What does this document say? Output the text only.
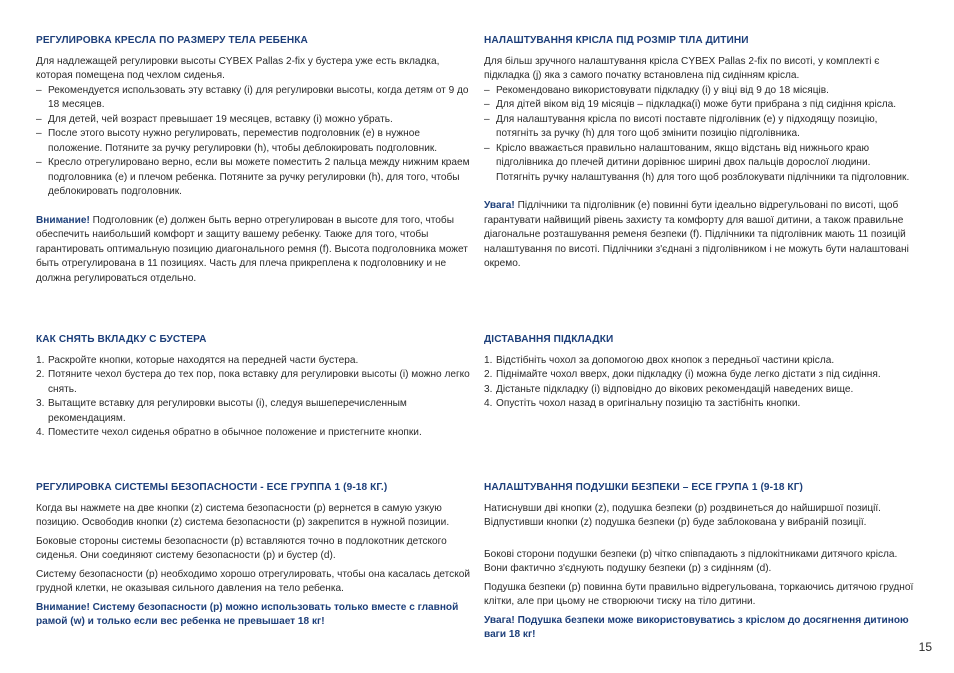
РЕГУЛИРОВКА КРЕСЛА ПО РАЗМЕРУ ТЕЛА РЕБЕНКА

Для надлежащей регулировки высоты CYBEX Pallas 2-fix у бустера уже есть вкладка, которая помещена под чехлом сиденья.

– Рекомендуется использовать эту вставку (i) для регулировки высоты, когда детям от 9 до 18 месяцев.
– Для детей, чей возраст превышает 19 месяцев, вставку (i) можно убрать.
– После этого высоту нужно регулировать, переместив подголовник (e) в нужное положение. Потяните за ручку регулировки (h), чтобы деблокировать подголовник.
– Кресло отрегулировано верно, если вы можете поместить 2 пальца между нижним краем подголовника (e) и плечом ребенка. Потяните за ручку регулировки (h), для того, чтобы деблокировать подголовник.

Внимание! Подголовник (e) должен быть верно отрегулирован в высоте для того, чтобы обеспечить наибольший комфорт и защиту вашему ребенку. Также для того, чтобы гарантировать оптимальную позицию диагонального ремня (f). Высота подголовника может быть отрегулирована в 11 позициях. Часть для плеча прикреплена к подголовнику и не должна регулироваться отдельно.

КАК СНЯТЬ ВКЛАДКУ С БУСТЕРА
1. Раскройте кнопки, которые находятся на передней части бустера.
2. Потяните чехол бустера до тех пор, пока вставку для регулировки высоты (i) можно легко снять.
3. Вытащите вставку для регулировки высоты (i), следуя вышеперечисленным рекомендациям.
4. Поместите чехол сиденья обратно в обычное положение и пристегните кнопки.
РЕГУЛИРОВКА СИСТЕМЫ БЕЗОПАСНОСТИ - ECE ГРУППА 1 (9-18 КГ.)

Когда вы нажмете на две кнопки (z) система безопасности (p) вернется в самую узкую позицию. Освободив кнопки (z) система безопасности (p) закрепится в нужной позиции.

Боковые стороны системы безопасности (p) вставляются точно в подлокотник детского сиденья. Они соединяют систему безопасности (p) и бустер (d).

Систему безопасности (p) необходимо хорошо отрегулировать, чтобы она касалась детской грудной клетки, не оказывая сильного давления на тело ребенка.

Внимание! Систему безопасности (p) можно использовать только вместе с главной рамой (w) и только если вес ребенка не превышает 18 кг!

НАЛАШТУВАННЯ КРІСЛА ПІД РОЗМІР ТІЛА ДИТИНИ

Для більш зручного налаштування крісла CYBEX Pallas 2-fix по висоті, у комплекті є підкладка (j) яка з самого початку встановлена під сидінням крісла.

– Рекомендовано використовувати підкладку (i) у віці від 9 до 18 місяців.
– Для дітей віком від 19 місяців – підкладка(i) може бути прибрана з під сидіння крісла.
– Для налаштування крісла по висоті поставте підголівник (e) у підходящу позицію, потягніть за ручку (h) для того щоб змінити позицію підголівника.
– Крісло вважається правильно налаштованим, якщо відстань від нижнього краю підголівника до плечей дитини дорівнює ширині двох пальців дорослої людини. Потягніть ручку налаштування (h) для того щоб розблокувати підлічники та підголовник.

Увага! Підлічники та підголівник (e) повинні бути ідеально відрегульовані по висоті, щоб гарантувати найвищий рівень захисту та комфорту для вашої дитини, а також правильне діагональне розташування ременя безпеки (f). Підлічники та підголівник мають 11 позицій налаштування по висоті. Підлічники з'єднані з підголівником і не можуть бути налаштовані окремо.

ДІСТАВАННЯ ПІДКЛАДКИ
1. Відстібніть чохол за допомогою двох кнопок з передньої частини крісла.
2. Піднімайте чохол вверх, доки підкладку (i) можна буде легко дістати з під сидіння.
3. Дістаньте підкладку (i) відповідно до вікових рекомендацій наведених вище.
4. Опустіть чохол назад в оригінальну позицію та застібніть кнопки.
НАЛАШТУВАННЯ ПОДУШКИ БЕЗПЕКИ – ECE ГРУПА 1 (9-18 КГ)

Натиснувши дві кнопки (z), подушка безпеки (p) роздвинеться до найширшої позиції. Відпустивши кнопки (z) подушка безпеки (p) буде заблокована у вибраній позиції.

Бокові сторони подушки безпеки (p) чітко співпадають з підлокітниками дитячого крісла. Вони фактично з'єднують подушку безпеки (p) з сидінням (d).

Подушка безпеки (p) повинна бути правильно відрегульована, торкаючись дитячою грудної клітки, але при цьому не створюючи тиску на тіло дитини.

Увага! Подушка безпеки може використовуватись з кріслом до досягнення дитиною ваги 18 кг!

15
